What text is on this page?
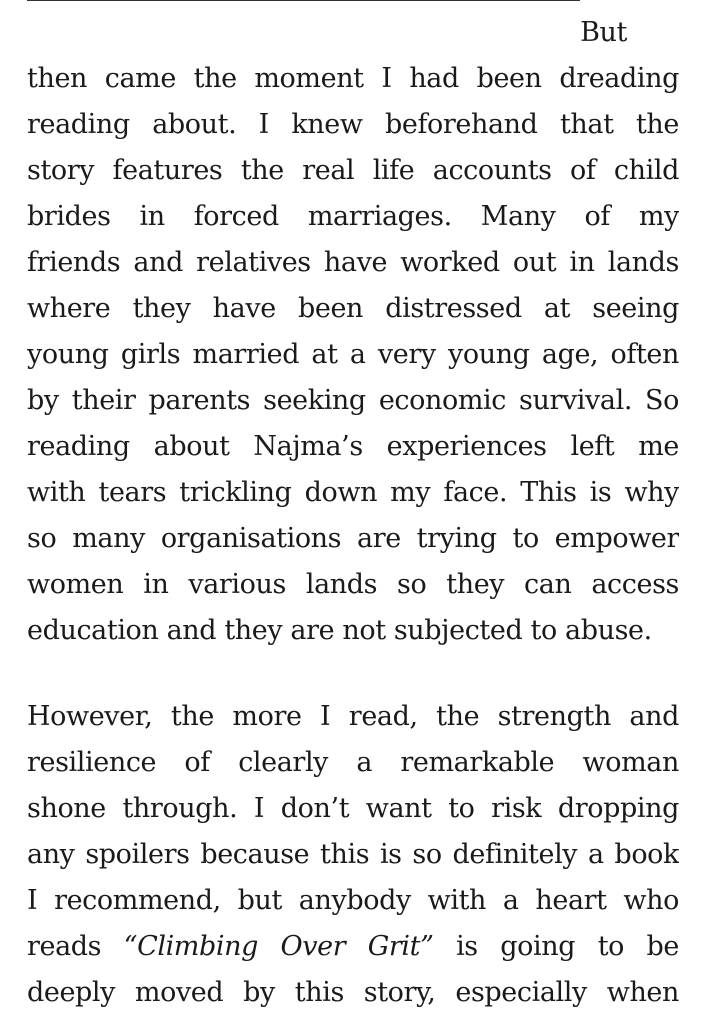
But
then came the moment I had been dreading
reading about. I knew beforehand that the
story features the real life accounts of child
brides in forced marriages. Many of my
friends and relatives have worked out in lands
where they have been distressed at seeing
young girls married at a very young age, often
by their parents seeking economic survival. So
reading about Najma’s experiences left me
with tears trickling down my face. This is why
so many organisations are trying to empower
women in various lands so they can access
education and they are not subjected to abuse.
However, the more I read, the strength and
resilience of clearly a remarkable woman
shone through. I don’t want to risk dropping
any spoilers because this is so definitely a book
I recommend, but anybody with a heart who
reads “Climbing Over Grit” is going to be
deeply moved by this story, especially when
